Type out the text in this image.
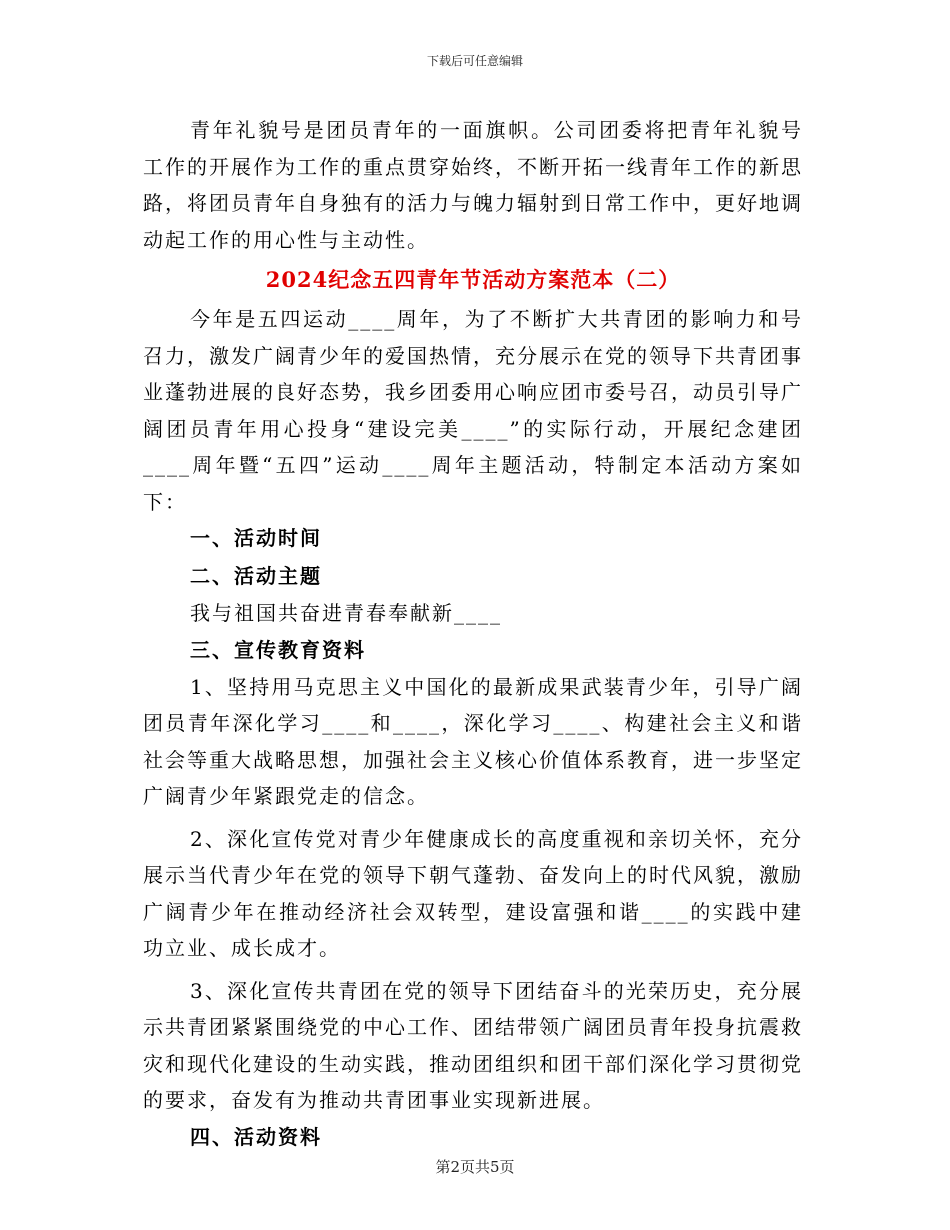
下载后可任意编辑

青年礼貌号是团员青年的一面旗帜。公司团委将把青年礼貌号工作的开展作为工作的重点贯穿始终，不断开拓一线青年工作的新思路，将团员青年自身独有的活力与魄力辐射到日常工作中，更好地调动起工作的用心性与主动性。

2024纪念五四青年节活动方案范本（二）

今年是五四运动____周年，为了不断扩大共青团的影响力和号召力，激发广阔青少年的爱国热情，充分展示在党的领导下共青团事业蓬勃进展的良好态势，我乡团委用心响应团市委号召，动员引导广阔团员青年用心投身“建设完美____”的实际行动，开展纪念建团____周年暨“五四”运动____周年主题活动，特制定本活动方案如下：

一、活动时间

二、活动主题

我与祖国共奋进青春奉献新____

三、宣传教育资料

1、坚持用马克思主义中国化的最新成果武装青少年，引导广阔团员青年深化学习____和____，深化学习____、构建社会主义和谐社会等重大战略思想，加强社会主义核心价值体系教育，进一步坚定广阔青少年紧跟党走的信念。

2、深化宣传党对青少年健康成长的高度重视和亲切关怀，充分展示当代青少年在党的领导下朝气蓬勃、奋发向上的时代风貌，激励广阔青少年在推动经济社会双转型，建设富强和谐____的实践中建功立业、成长成才。

3、深化宣传共青团在党的领导下团结奋斗的光荣历史，充分展示共青团紧紧围绕党的中心工作、团结带领广阔团员青年投身抗震救灾和现代化建设的生动实践，推动团组织和团干部们深化学习贯彻党的要求，奋发有为推动共青团事业实现新进展。

四、活动资料

第2页共5页
